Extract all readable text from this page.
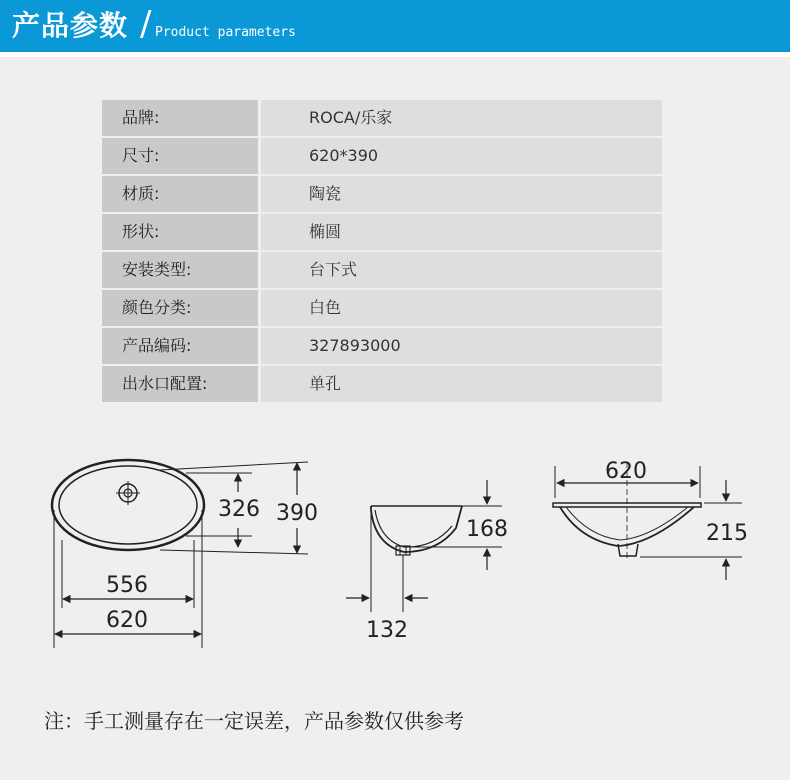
产品参数 / Product parameters
品牌:	ROCA/乐家
尺寸:	620*390
材质:	陶瓷
形状:	椭圆
安装类型:	台下式
颜色分类:	白色
产品编码:	327893000
出水口配置:	单孔
326 390
556
620
168
132
620
215
注：手工测量存在一定误差，产品参数仅供参考
